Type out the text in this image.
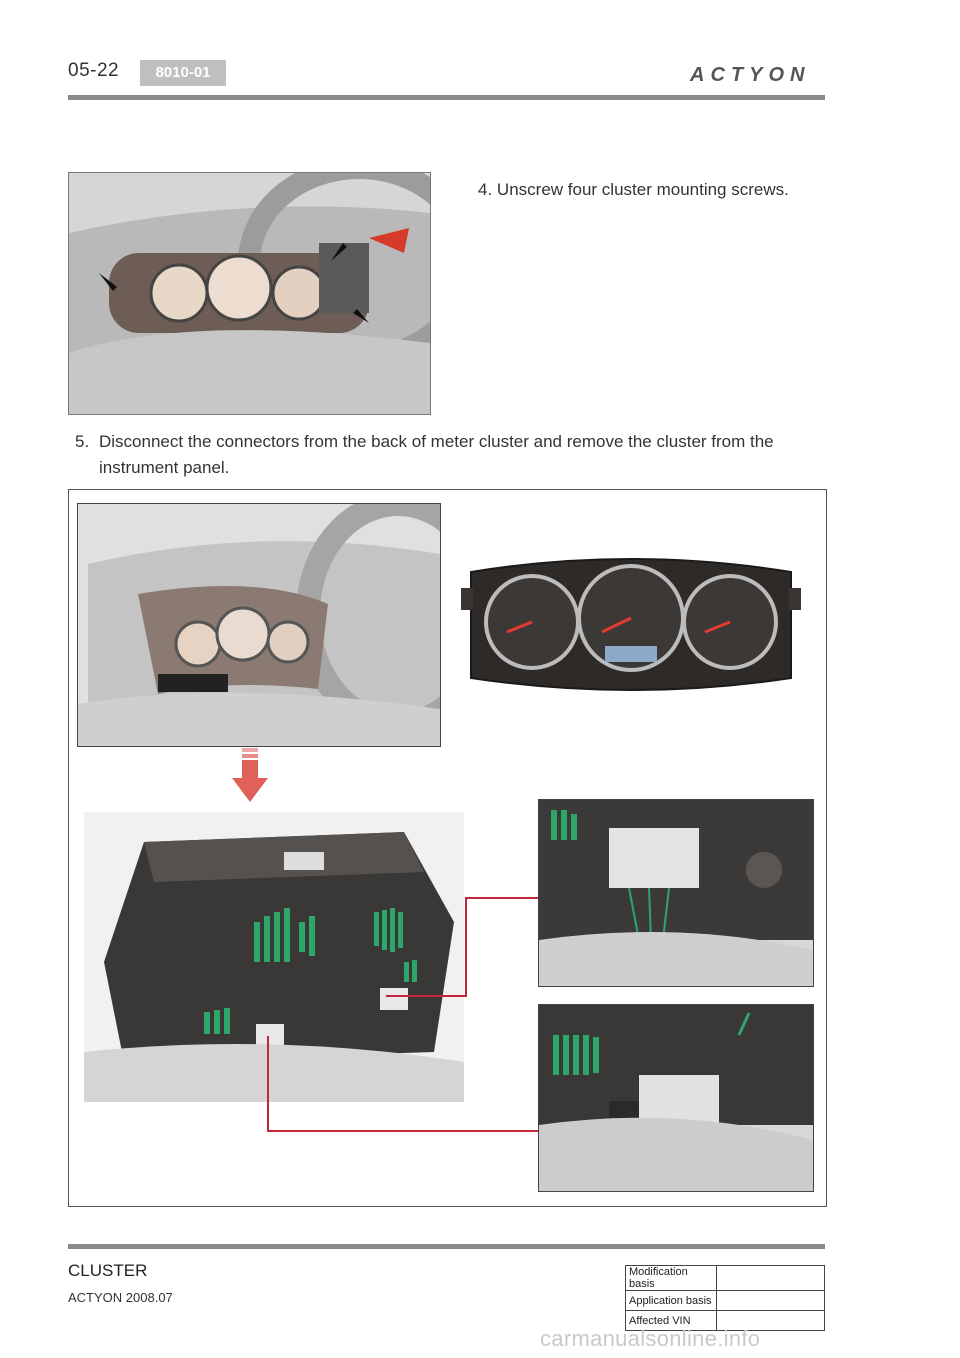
05-22	8010-01	ACTYON
4. Unscrew four cluster mounting screws.
5. Disconnect the connectors from the back of meter cluster and remove the cluster from the
instrument panel.
CLUSTER
ACTYON 2008.07
Modification basis	
Application basis	
Affected VIN	
carmanualsonline.info
